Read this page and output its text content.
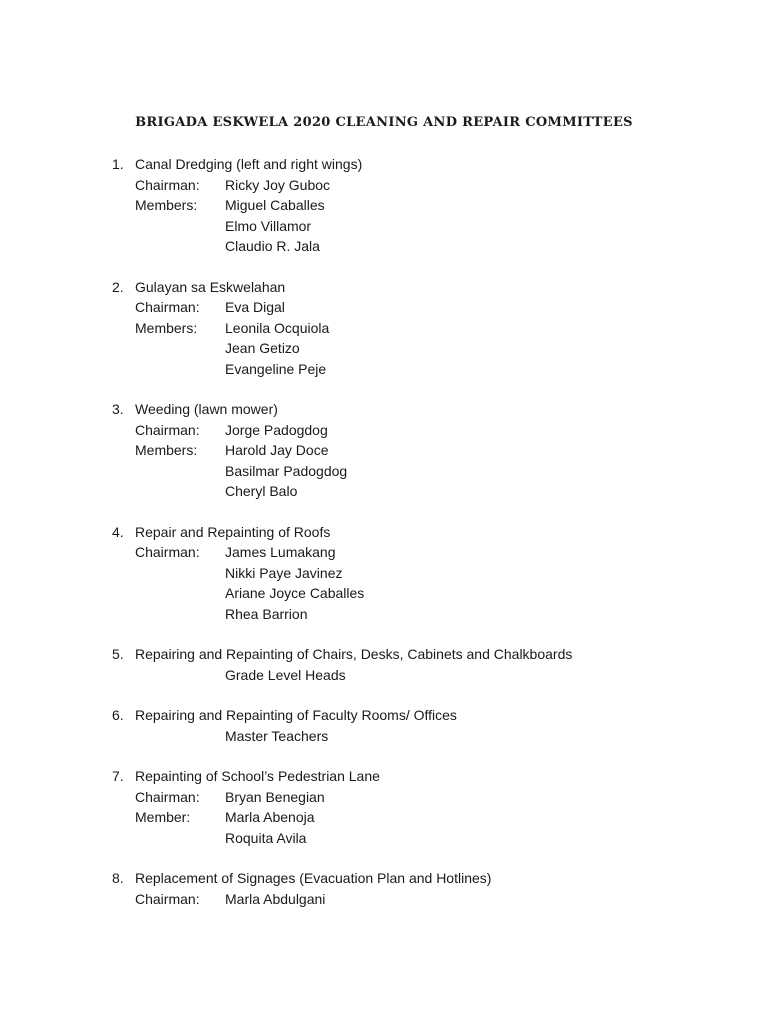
BRIGADA ESKWELA 2020 CLEANING AND REPAIR COMMITTEES
1. Canal Dredging (left and right wings)
Chairman:	Ricky Joy Guboc
Members:	Miguel Caballes
Elmo Villamor
Claudio R. Jala
2. Gulayan sa Eskwelahan
Chairman:	Eva Digal
Members:	Leonila Ocquiola
Jean Getizo
Evangeline Peje
3. Weeding (lawn mower)
Chairman:	Jorge Padogdog
Members:	Harold Jay Doce
Basilmar Padogdog
Cheryl Balo
4. Repair and Repainting of Roofs
Chairman:	James Lumakang
Nikki Paye Javinez
Ariane Joyce Caballes
Rhea Barrion
5. Repairing and Repainting of Chairs, Desks, Cabinets and Chalkboards
Grade Level Heads
6. Repairing and Repainting of Faculty Rooms/ Offices
Master Teachers
7. Repainting of School’s Pedestrian Lane
Chairman:	Bryan Benegian
Member:	Marla Abenoja
Roquita Avila
8. Replacement of Signages (Evacuation Plan and Hotlines)
Chairman:	Marla Abdulgani
